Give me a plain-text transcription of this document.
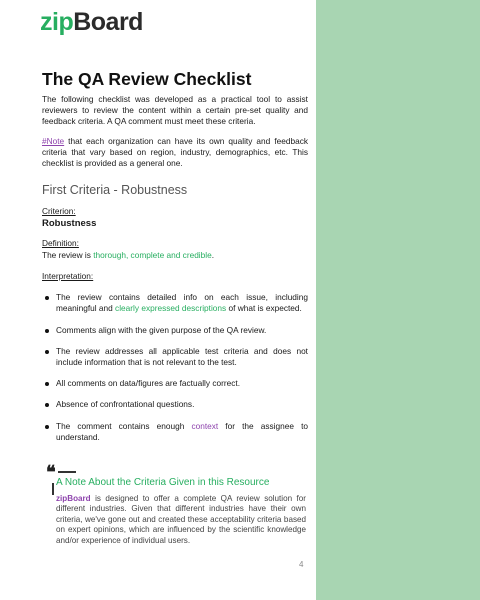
zipBoard
The QA Review Checklist

The following checklist was developed as a practical tool to assist reviewers to review the content within a certain pre-set quality and feedback criteria. A QA comment must meet these criteria.

#Note that each organization can have its own quality and feedback criteria that vary based on region, industry, demographics, etc. This checklist is provided as a general one.

First Criteria - Robustness
Criterion:
Robustness
Definition:
The review is thorough, complete and credible.
Interpretation:
The review contains detailed info on each issue, including meaningful and clearly expressed descriptions of what is expected.
Comments align with the given purpose of the QA review.
The review addresses all applicable test criteria and does not include information that is not relevant to the test.
All comments on data/figures are factually correct.
Absence of confrontational questions.
The comment contains enough context for the assignee to understand.
❝ A Note About the Criteria Given in this Resource
zipBoard is designed to offer a complete QA review solution for different industries. Given that different industries have their own criteria, we've gone out and created these acceptability criteria based on expert opinions, which are influenced by the scientific knowledge and/or experience of individual users.
4
